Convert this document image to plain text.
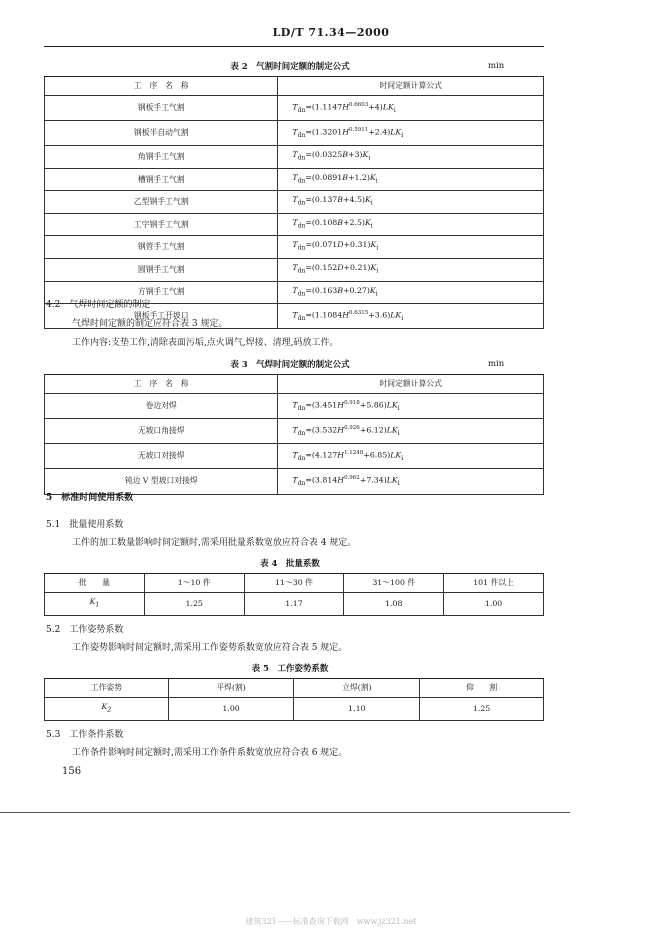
LD/T 71.34—2000
表 2　气割时间定额的制定公式	min
工　序　名　称	时间定额计算公式
钢板手工气割	$T_{dn}=(1.1147H^{0.6603}+4)LK_i$
钢板半自动气割	$T_{dn}=(1.3201H^{0.5911}+2.4)LK_i$
角钢手工气割	$T_{dn}=(0.0325B+3)K_i$
槽钢手工气割	$T_{dn}=(0.0891B+1.2)K_i$
乙型钢手工气割	$T_{dn}=(0.137B+4.5)K_i$
工字钢手工气割	$T_{dn}=(0.108B+2.5)K_i$
钢管手工气割	$T_{dn}=(0.071D+0.31)K_i$
圆钢手工气割	$T_{dn}=(0.152D+0.21)K_i$
方钢手工气割	$T_{dn}=(0.163B+0.27)K_i$
钢板手工开坡口	$T_{dn}=(1.1084H^{0.6315}+3.6)LK_i$
4.2　气焊时间定额的制定
气焊时间定额的制定应符合表 3 规定。
工作内容:支垫工作,清除表面污垢,点火调气,焊接、清理,码放工件。
表 3　气焊时间定额的制定公式	min
工　序　名　称	时间定额计算公式
卷边对焊	$T_{dn}=(3.451H^{0.918}+5.86)LK_i$
无坡口角接焊	$T_{dn}=(3.532H^{0.926}+6.12)LK_i$
无坡口对接焊	$T_{dn}=(4.127H^{1.1248}+6.85)LK_i$
钝边 V 型坡口对接焊	$T_{dn}=(3.814H^{0.962}+7.34)LK_i$
5　标准时间使用系数
5.1　批量使用系数
工件的加工数量影响时间定额时,需采用批量系数宽放应符合表 4 规定。
表 4　批量系数
批　　量	1～10 件	11～30 件	31～100 件	101 件以上
$K_1$	1.25	1.17	1.08	1.00
5.2　工作姿势系数
工作姿势影响时间定额时,需采用工作姿势系数宽放应符合表 5 规定。
表 5　工作姿势系数
工作姿势	平焊(割)	立焊(割)	仰　　割
$K_2$	1.00	1.10	1.25
5.3　工作条件系数
工作条件影响时间定额时,需采用工作条件系数宽放应符合表 6 规定。
156
建筑321——标准查询下载网　www.jz321.net
